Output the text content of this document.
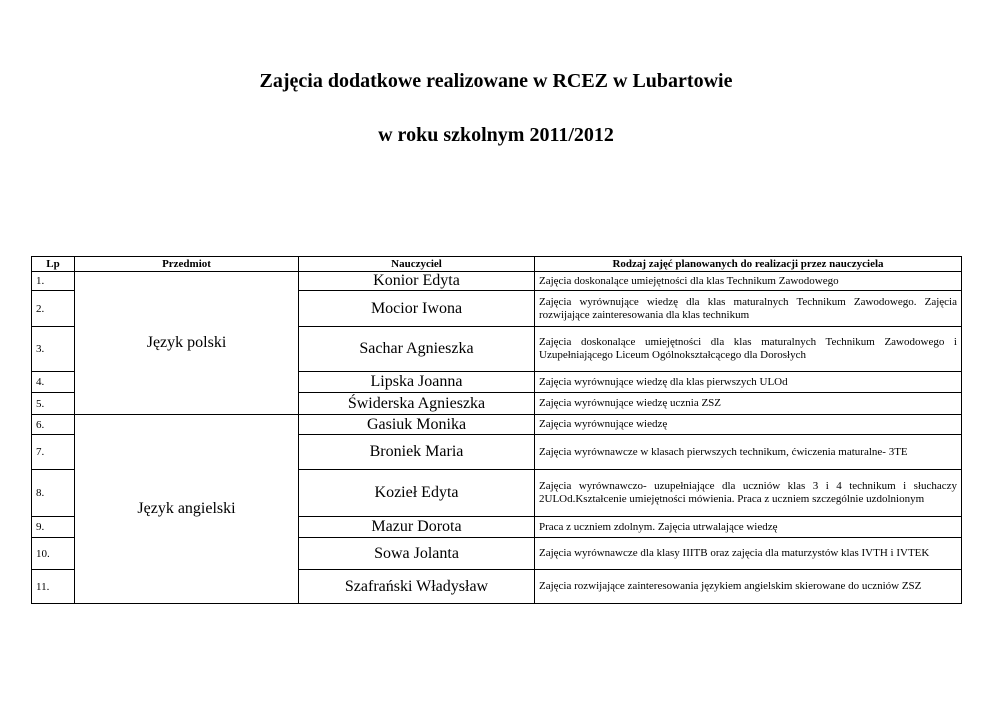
Zajęcia dodatkowe realizowane w RCEZ w Lubartowie
w roku szkolnym 2011/2012
Lp	Przedmiot	Nauczyciel	Rodzaj zajęć planowanych do realizacji przez nauczyciela
1.	Język polski	Konior Edyta	Zajęcia doskonalące umiejętności dla klas Technikum Zawodowego
2.		Mocior Iwona	Zajęcia wyrównujące wiedzę dla klas maturalnych Technikum Zawodowego. Zajęcia rozwijające zainteresowania dla klas technikum
3.		Sachar Agnieszka	Zajęcia doskonalące umiejętności dla klas maturalnych Technikum Zawodowego i Uzupełniającego Liceum Ogólnokształcącego dla Dorosłych
4.		Lipska Joanna	Zajęcia wyrównujące wiedzę dla klas pierwszych ULOd
5.		Świderska Agnieszka	Zajęcia wyrównujące wiedzę ucznia ZSZ
6.	Język angielski	Gasiuk Monika	Zajęcia wyrównujące wiedzę
7.		Broniek Maria	Zajęcia wyrównawcze w klasach pierwszych technikum, ćwiczenia maturalne- 3TE
8.		Kozieł Edyta	Zajęcia wyrównawczo- uzupełniające dla uczniów klas 3 i 4 technikum i słuchaczy 2ULOd.Kształcenie umiejętności mówienia. Praca z uczniem szczególnie uzdolnionym
9.		Mazur Dorota	Praca z uczniem zdolnym. Zajęcia utrwalające wiedzę
10.		Sowa Jolanta	Zajęcia wyrównawcze dla klasy IIITB oraz zajęcia dla maturzystów klas IVTH i IVTEK
11.		Szafrański Władysław	Zajęcia rozwijające zainteresowania językiem angielskim skierowane do uczniów ZSZ
